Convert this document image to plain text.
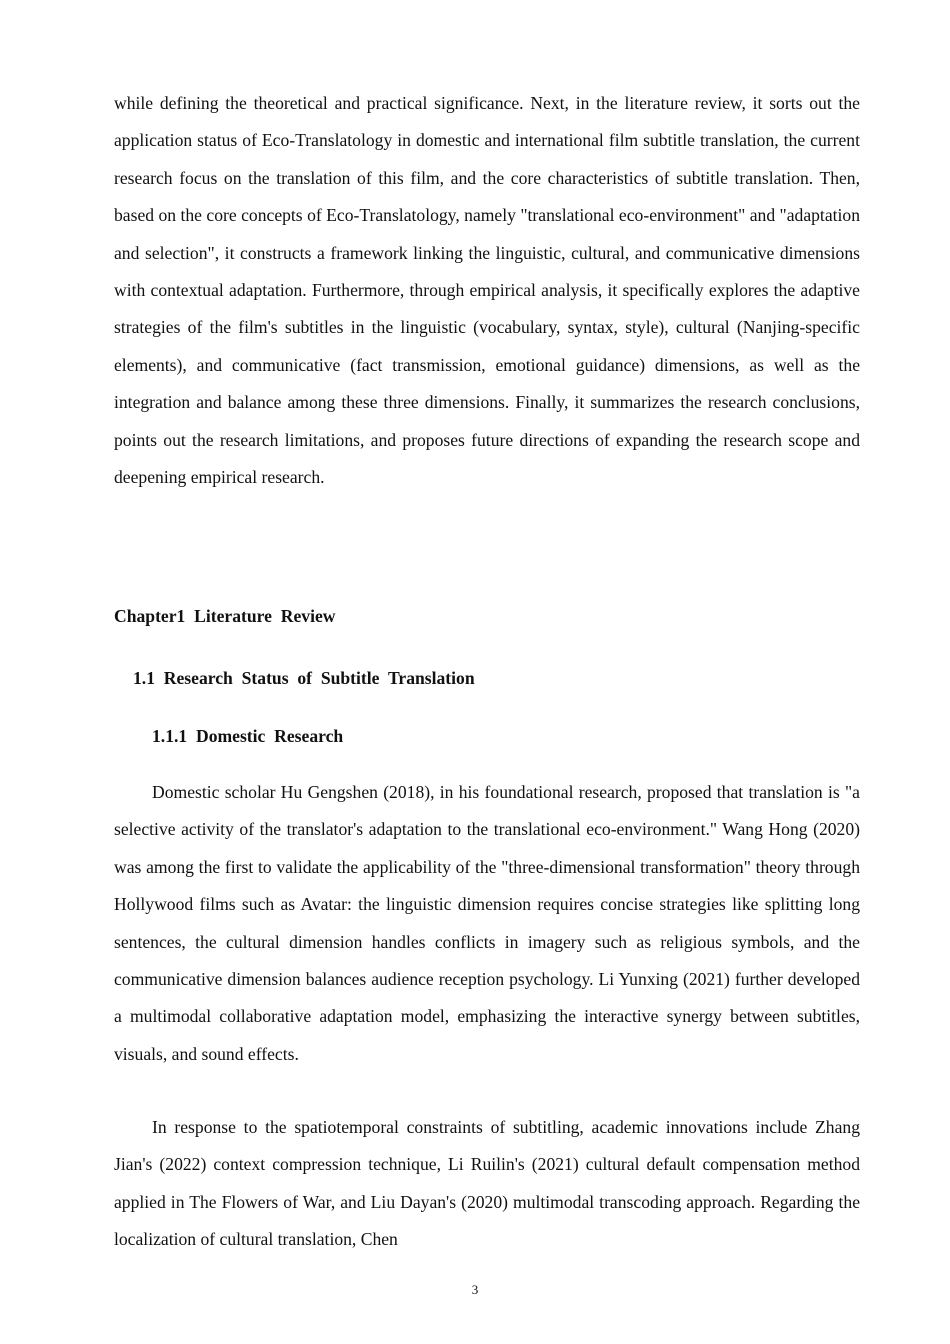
while defining the theoretical and practical significance. Next, in the literature review, it sorts out the application status of Eco-Translatology in domestic and international film subtitle translation, the current research focus on the translation of this film, and the core characteristics of subtitle translation. Then, based on the core concepts of Eco-Translatology, namely "translational eco-environment" and "adaptation and selection", it constructs a framework linking the linguistic, cultural, and communicative dimensions with contextual adaptation. Furthermore, through empirical analysis, it specifically explores the adaptive strategies of the film's subtitles in the linguistic (vocabulary, syntax, style), cultural (Nanjing-specific elements), and communicative (fact transmission, emotional guidance) dimensions, as well as the integration and balance among these three dimensions. Finally, it summarizes the research conclusions, points out the research limitations, and proposes future directions of expanding the research scope and deepening empirical research.

Chapter1  Literature  Review
1.1  Research  Status  of  Subtitle  Translation
1.1.1  Domestic  Research

Domestic scholar Hu Gengshen (2018), in his foundational research, proposed that translation is "a selective activity of the translator's adaptation to the translational eco-environment." Wang Hong (2020) was among the first to validate the applicability of the "three-dimensional transformation" theory through Hollywood films such as Avatar: the linguistic dimension requires concise strategies like splitting long sentences, the cultural dimension handles conflicts in imagery such as religious symbols, and the communicative dimension balances audience reception psychology. Li Yunxing (2021) further developed a multimodal collaborative adaptation model, emphasizing the interactive synergy between subtitles, visuals, and sound effects.

In response to the spatiotemporal constraints of subtitling, academic innovations include Zhang Jian's (2022) context compression technique, Li Ruilin's (2021) cultural default compensation method applied in The Flowers of War, and Liu Dayan's (2020) multimodal transcoding approach. Regarding the localization of cultural translation, Chen

3
